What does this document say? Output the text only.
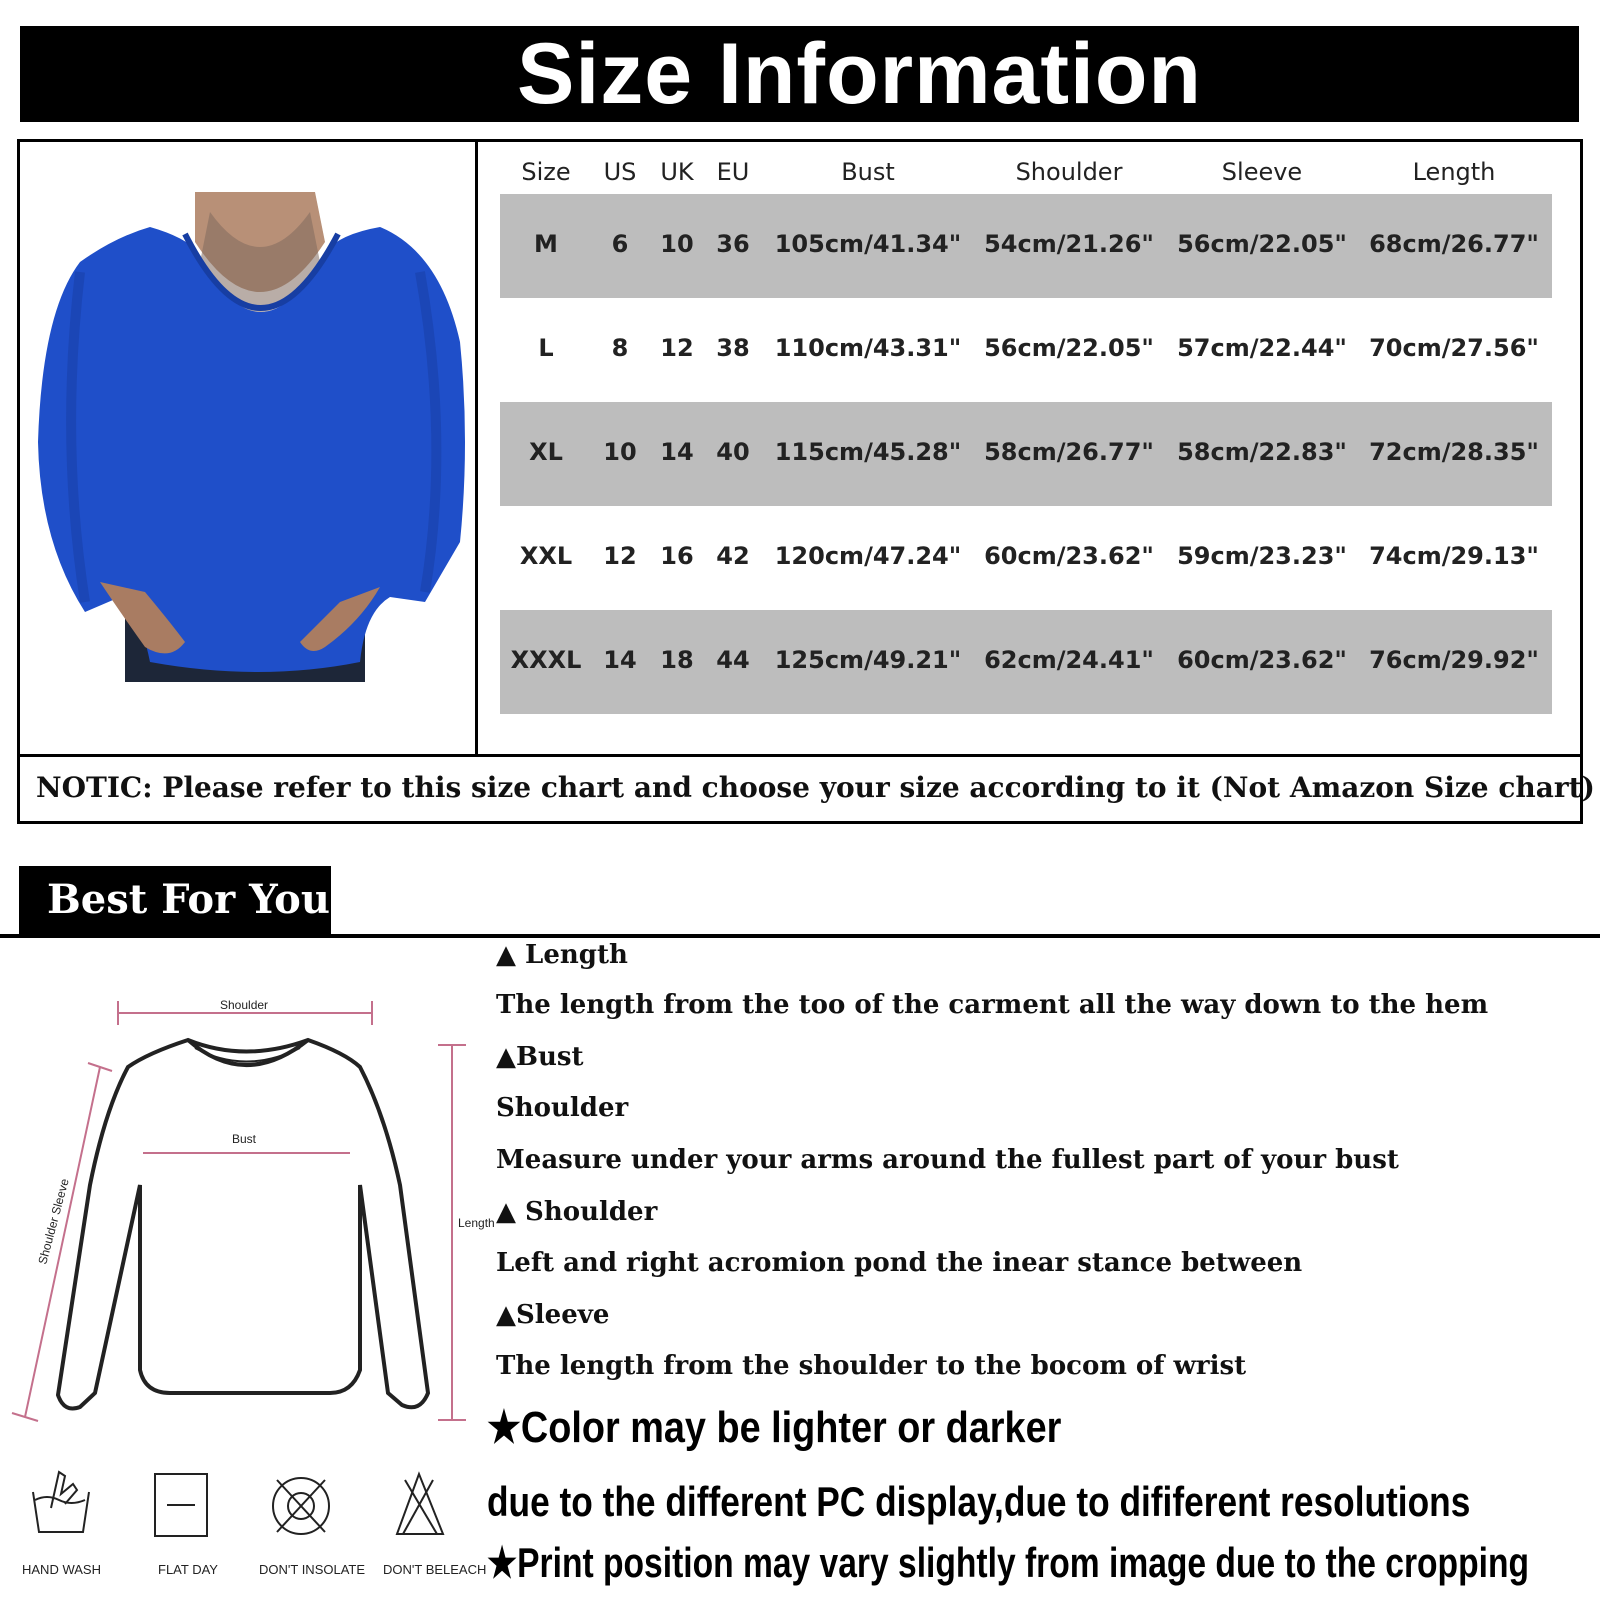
Size Information
NOTIC: Please refer to this size chart and choose your size according to it (Not Amazon Size chart)
Size	US UK EU	Bust	Shoulder	Sleeve	Length
M	6	10 36	105cm/41.34" 54cm/21.26" 56cm/22.05" 68cm/26.77"
L	8	12 38	110cm/43.31" 56cm/22.05" 57cm/22.44" 70cm/27.56"
XL	10 14 40	115cm/45.28" 58cm/26.77" 58cm/22.83" 72cm/28.35"
XXL	12 16 42	120cm/47.24" 60cm/23.62" 59cm/23.23" 74cm/29.13"
XXXL 14 18 44	125cm/49.21" 62cm/24.41" 60cm/23.62" 76cm/29.92"
Best For You
Shoulder
Length
Shoulder Sleeve
Bust
HAND WASH	FLAT DAY	DON'T INSOLATE DON'T BELEACH

▲ Length

The length from the too of the carment all the way down to the hem

▲Bust

Shoulder

Measure under your arms around the fullest part of your bust

▲ Shoulder

Left and right acromion pond the inear stance between

▲Sleeve

The length from the shoulder to the bocom of wrist

★Color may be lighter or darker
due to the different PC display,due to dififerent resolutions
★Print position may vary slightly from image due to the cropping
